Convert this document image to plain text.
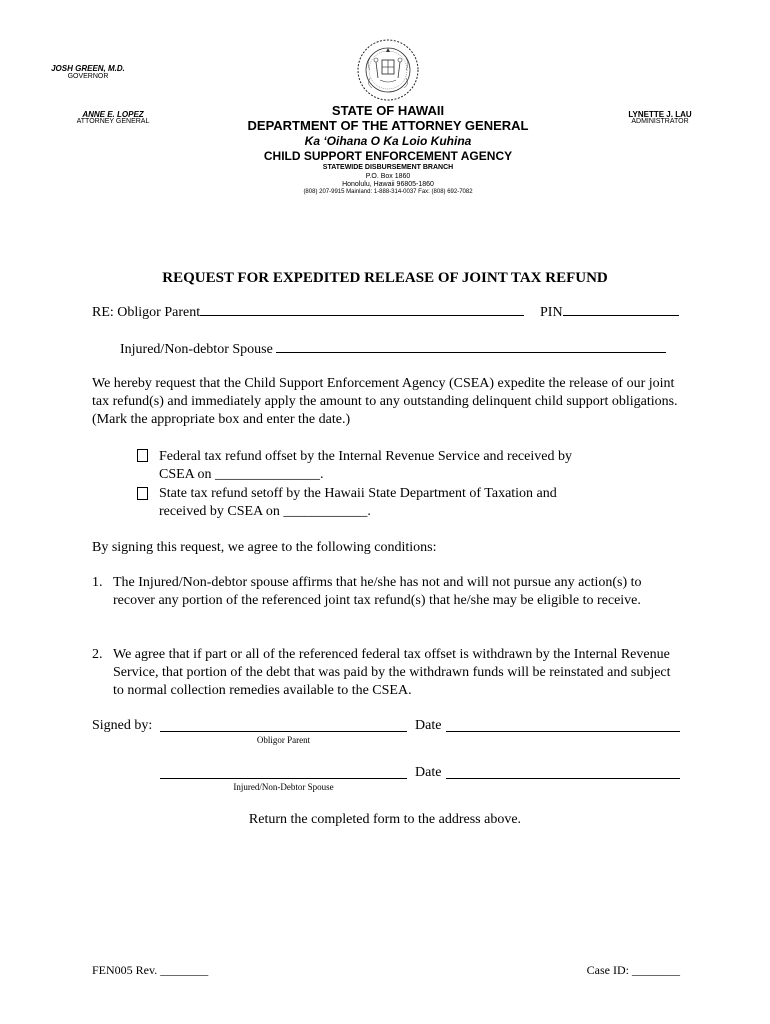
JOSH GREEN, M.D.
GOVERNOR
ANNE E. LOPEZ
ATTORNEY GENERAL
LYNETTE J. LAU
ADMINISTRATOR
STATE OF HAWAII
DEPARTMENT OF THE ATTORNEY GENERAL
Ka ‘Oihana O Ka Loio Kuhina
CHILD SUPPORT ENFORCEMENT AGENCY
STATEWIDE DISBURSEMENT BRANCH
P.O. Box 1860
Honolulu, Hawaii 96805-1860
(808) 207-9915 Mainland: 1-888-314-0037 Fax: (808) 692-7082
REQUEST FOR EXPEDITED RELEASE OF JOINT TAX REFUND
RE: Obligor Parent	PIN
Injured/Non-debtor Spouse
We hereby request that the Child Support Enforcement Agency (CSEA) expedite the release of our joint tax refund(s) and immediately apply the amount to any outstanding delinquent child support obligations. (Mark the appropriate box and enter the date.)
Federal tax refund offset by the Internal Revenue Service and received by
CSEA on _______________.
State tax refund setoff by the Hawaii State Department of Taxation and
received by CSEA on ____________.
By signing this request, we agree to the following conditions:
1. The Injured/Non-debtor spouse affirms that he/she has not and will not pursue any action(s) to recover any portion of the referenced joint tax refund(s) that he/she may be eligible to receive.
2. We agree that if part or all of the referenced federal tax offset is withdrawn by the Internal Revenue Service, that portion of the debt that was paid by the withdrawn funds will be reinstated and subject to normal collection remedies available to the CSEA.
Signed by:	Date
Obligor Parent
Date
Injured/Non-Debtor Spouse
Return the completed form to the address above.
FEN005 Rev. ________	Case ID: ________
